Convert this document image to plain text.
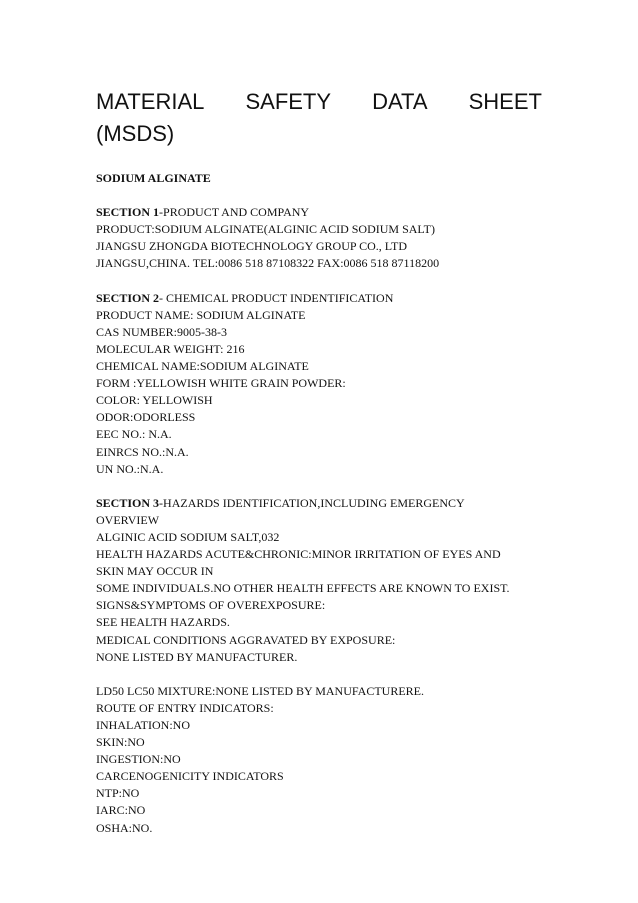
MATERIAL SAFETY DATA SHEET
(MSDS)
SODIUM ALGINATE
SECTION 1-PRODUCT AND COMPANY
PRODUCT:SODIUM ALGINATE(ALGINIC ACID SODIUM SALT)
JIANGSU ZHONGDA BIOTECHNOLOGY GROUP CO., LTD
JIANGSU,CHINA. TEL:0086 518 87108322 FAX:0086 518 87118200
SECTION 2- CHEMICAL PRODUCT INDENTIFICATION
PRODUCT NAME: SODIUM ALGINATE
CAS NUMBER:9005-38-3
MOLECULAR WEIGHT: 216
CHEMICAL NAME:SODIUM ALGINATE
FORM :YELLOWISH WHITE GRAIN POWDER:
COLOR: YELLOWISH
ODOR:ODORLESS
EEC NO.: N.A.
EINRCS NO.:N.A.
UN NO.:N.A.
SECTION 3-HAZARDS IDENTIFICATION,INCLUDING EMERGENCY
OVERVIEW
ALGINIC ACID SODIUM SALT,032
HEALTH HAZARDS ACUTE&CHRONIC:MINOR IRRITATION OF EYES AND
SKIN MAY OCCUR IN
SOME INDIVIDUALS.NO OTHER HEALTH EFFECTS ARE KNOWN TO EXIST.
SIGNS&SYMPTOMS OF OVEREXPOSURE:
SEE HEALTH HAZARDS.
MEDICAL CONDITIONS AGGRAVATED BY EXPOSURE:
NONE LISTED BY MANUFACTURER.
LD50 LC50 MIXTURE:NONE LISTED BY MANUFACTURERE.
ROUTE OF ENTRY INDICATORS:
INHALATION:NO
SKIN:NO
INGESTION:NO
CARCENOGENICITY INDICATORS
NTP:NO
IARC:NO
OSHA:NO.
